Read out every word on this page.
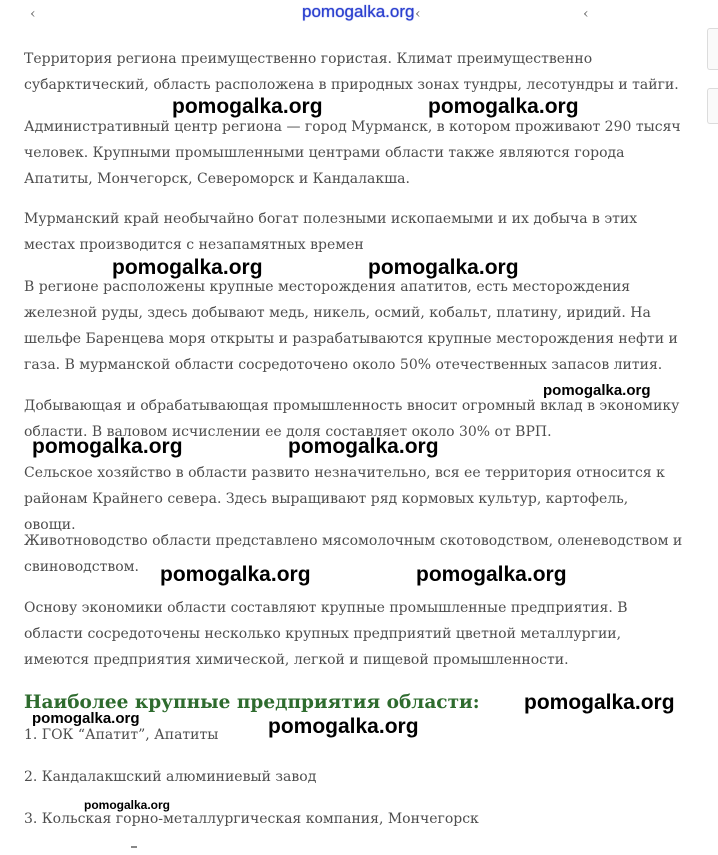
‹	‹	‹
pomogalka.org

Территория региона преимущественно гористая. Климат преимущественно субарктический, область расположена в природных зонах тундры, лесотундры и тайги.

Административный центр региона — город Мурманск, в котором проживают 290 тысяч человек. Крупными промышленными центрами области также являются города Апатиты, Мончегорск, Североморск и Кандалакша.

Мурманский край необычайно богат полезными ископаемыми и их добыча в этих местах производится с незапамятных времен

В регионе расположены крупные месторождения апатитов, есть месторождения железной руды, здесь добывают медь, никель, осмий, кобальт, платину, иридий. На шельфе Баренцева моря открыты и разрабатываются крупные месторождения нефти и газа. В мурманской области сосредоточено около 50% отечественных запасов лития.

Добывающая и обрабатывающая промышленность вносит огромный вклад в экономику области. В валовом исчислении ее доля составляет около 30% от ВРП.

Сельское хозяйство в области развито незначительно, вся ее территория относится к районам Крайнего севера. Здесь выращивают ряд кормовых культур, картофель, овощи.

Животноводство области представлено мясомолочным скотоводством, оленеводством и свиноводством.

Основу экономики области составляют крупные промышленные предприятия. В области сосредоточены несколько крупных предприятий цветной металлургии, имеются предприятия химической, легкой и пищевой промышленности.

Наиболее крупные предприятия области:
1. ГОК “Апатит”, Апатиты
2. Кандалакшский алюминиевый завод
3. Кольская горно-металлургическая компания, Мончегорск
pomogalka.org	pomogalka.org
pomogalka.org	pomogalka.org
pomogalka.org
pomogalka.org	pomogalka.org
pomogalka.org	pomogalka.org
pomogalka.org
pomogalka.org	pomogalka.org
pomogalka.org
